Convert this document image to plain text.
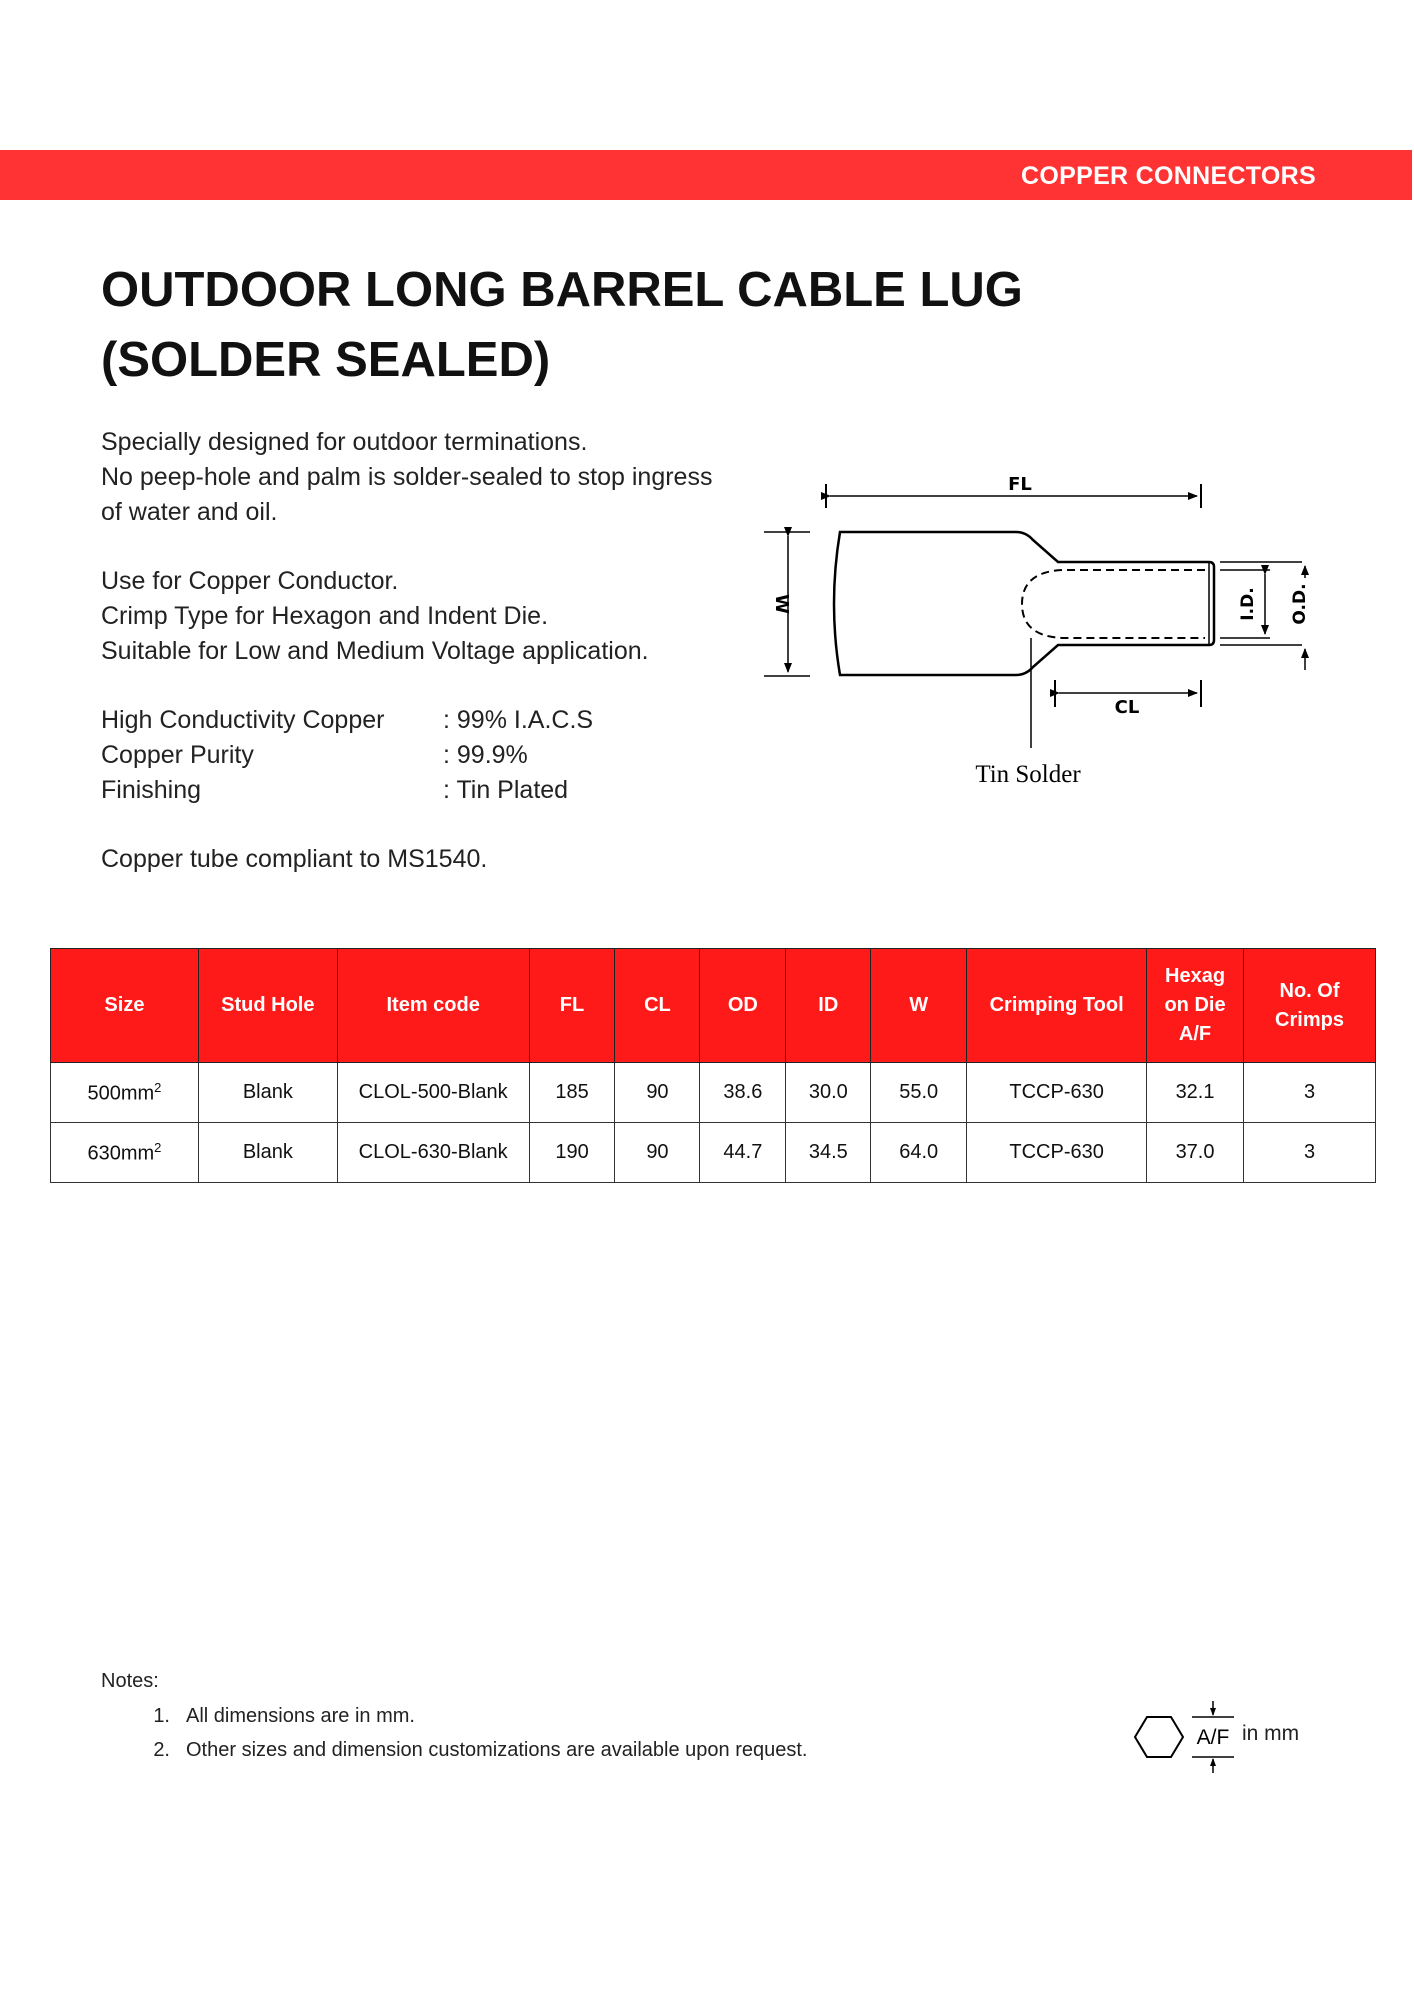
COPPER CONNECTORS
OUTDOOR LONG BARREL CABLE LUG
(SOLDER SEALED)

Specially designed for outdoor terminations.

No peep-hole and palm is solder-sealed to stop ingress

of water and oil.

Use for Copper Conductor.

Crimp Type for Hexagon and Indent Die.

Suitable for Low and Medium Voltage application.

High Conductivity Copper	: 99% I.A.C.S
Copper Purity	: 99.9%
Finishing	: Tin Plated

Copper tube compliant to MS1540.

FL
W	I.D. O.D.
CL
Tin Solder
Size	Stud Hole	Item code	FL	CL	OD	ID	W	Crimping Tool	Hexag on Die A/F	No. Of Crimps
$500mm^2$	Blank	CLOL-500-Blank	185	90	38.6	30.0	55.0	TCCP-630	32.1	3
$630mm^2$	Blank	CLOL-630-Blank	190	90	44.7	34.5	64.0	TCCP-630	37.0	3
Notes:
1. All dimensions are in mm.
2. Other sizes and dimension customizations are available upon request.
A/F in mm
